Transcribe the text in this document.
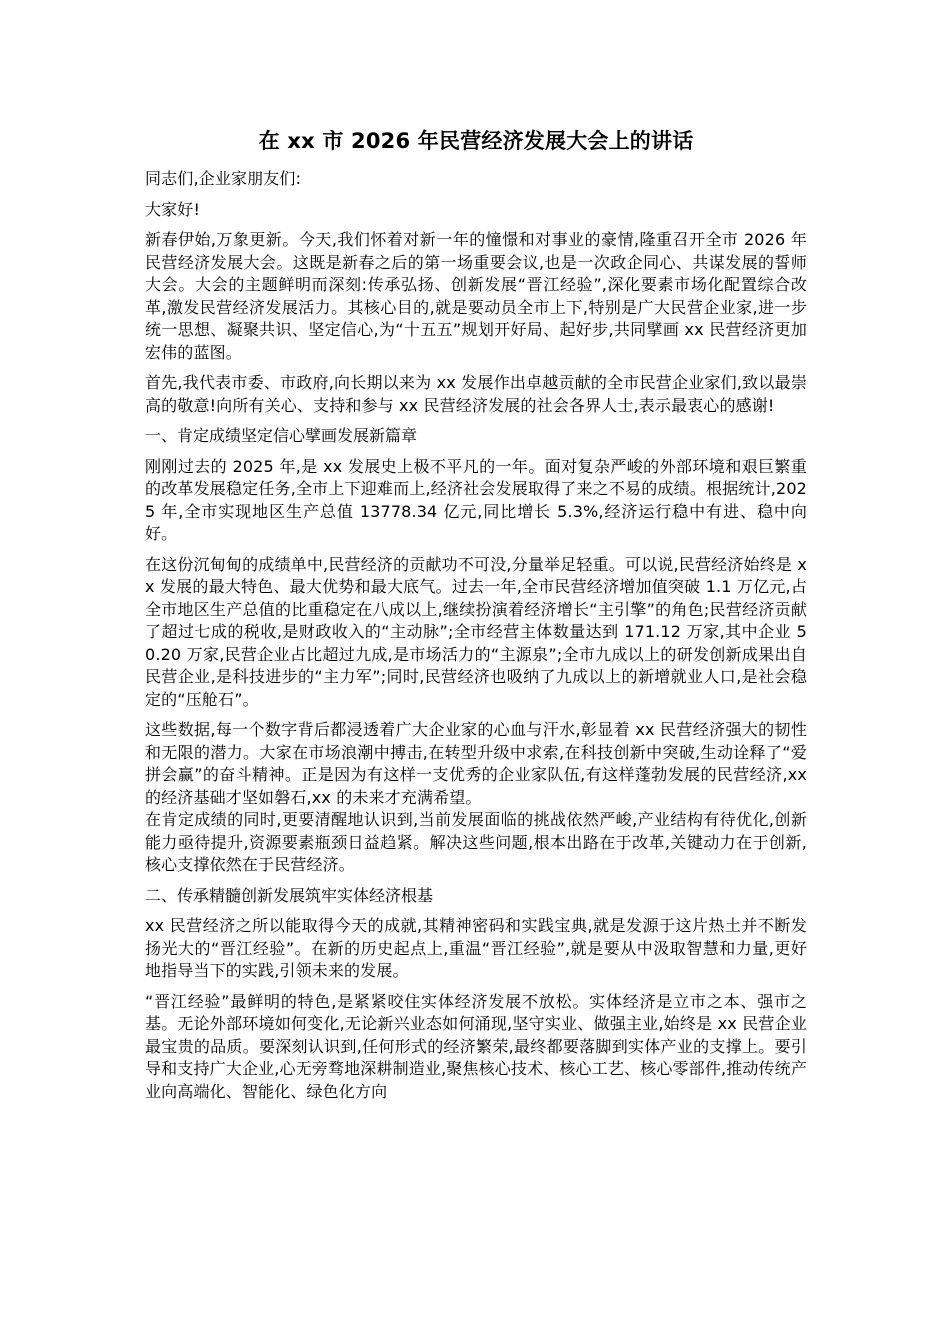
在 xx 市 2026 年民营经济发展大会上的讲话
同志们,企业家朋友们:
大家好!
新春伊始,万象更新。今天,我们怀着对新一年的憧憬和对事业的豪情,隆重召开全市 2026 年民营经济发展大会。这既是新春之后的第一场重要会议,也是一次政企同心、共谋发展的誓师大会。大会的主题鲜明而深刻:传承弘扬、创新发展“晋江经验”,深化要素市场化配置综合改革,激发民营经济发展活力。其核心目的,就是要动员全市上下,特别是广大民营企业家,进一步统一思想、凝聚共识、坚定信心,为“十五五”规划开好局、起好步,共同擘画 xx 民营经济更加宏伟的蓝图。
首先,我代表市委、市政府,向长期以来为 xx 发展作出卓越贡献的全市民营企业家们,致以最崇高的敬意!向所有关心、支持和参与 xx 民营经济发展的社会各界人士,表示最衷心的感谢!
一、肯定成绩坚定信心擘画发展新篇章
刚刚过去的 2025 年,是 xx 发展史上极不平凡的一年。面对复杂严峻的外部环境和艰巨繁重的改革发展稳定任务,全市上下迎难而上,经济社会发展取得了来之不易的成绩。根据统计,2025 年,全市实现地区生产总值 13778.34 亿元,同比增长 5.3%,经济运行稳中有进、稳中向好。
在这份沉甸甸的成绩单中,民营经济的贡献功不可没,分量举足轻重。可以说,民营经济始终是 xx 发展的最大特色、最大优势和最大底气。过去一年,全市民营经济增加值突破 1.1 万亿元,占全市地区生产总值的比重稳定在八成以上,继续扮演着经济增长“主引擎”的角色;民营经济贡献了超过七成的税收,是财政收入的“主动脉”;全市经营主体数量达到 171.12 万家,其中企业 50.20 万家,民营企业占比超过九成,是市场活力的“主源泉”;全市九成以上的研发创新成果出自民营企业,是科技进步的“主力军”;同时,民营经济也吸纳了九成以上的新增就业人口,是社会稳定的“压舱石”。
这些数据,每一个数字背后都浸透着广大企业家的心血与汗水,彰显着 xx 民营经济强大的韧性和无限的潜力。大家在市场浪潮中搏击,在转型升级中求索,在科技创新中突破,生动诠释了“爱拼会赢”的奋斗精神。正是因为有这样一支优秀的企业家队伍,有这样蓬勃发展的民营经济,xx 的经济基础才坚如磐石,xx 的未来才充满希望。
在肯定成绩的同时,更要清醒地认识到,当前发展面临的挑战依然严峻,产业结构有待优化,创新能力亟待提升,资源要素瓶颈日益趋紧。解决这些问题,根本出路在于改革,关键动力在于创新,核心支撑依然在于民营经济。
二、传承精髓创新发展筑牢实体经济根基
xx 民营经济之所以能取得今天的成就,其精神密码和实践宝典,就是发源于这片热土并不断发扬光大的“晋江经验”。在新的历史起点上,重温“晋江经验”,就是要从中汲取智慧和力量,更好地指导当下的实践,引领未来的发展。
“晋江经验”最鲜明的特色,是紧紧咬住实体经济发展不放松。实体经济是立市之本、强市之基。无论外部环境如何变化,无论新兴业态如何涌现,坚守实业、做强主业,始终是 xx 民营企业最宝贵的品质。要深刻认识到,任何形式的经济繁荣,最终都要落脚到实体产业的支撑上。要引导和支持广大企业,心无旁骛地深耕制造业,聚焦核心技术、核心工艺、核心零部件,推动传统产业向高端化、智能化、绿色化方向
